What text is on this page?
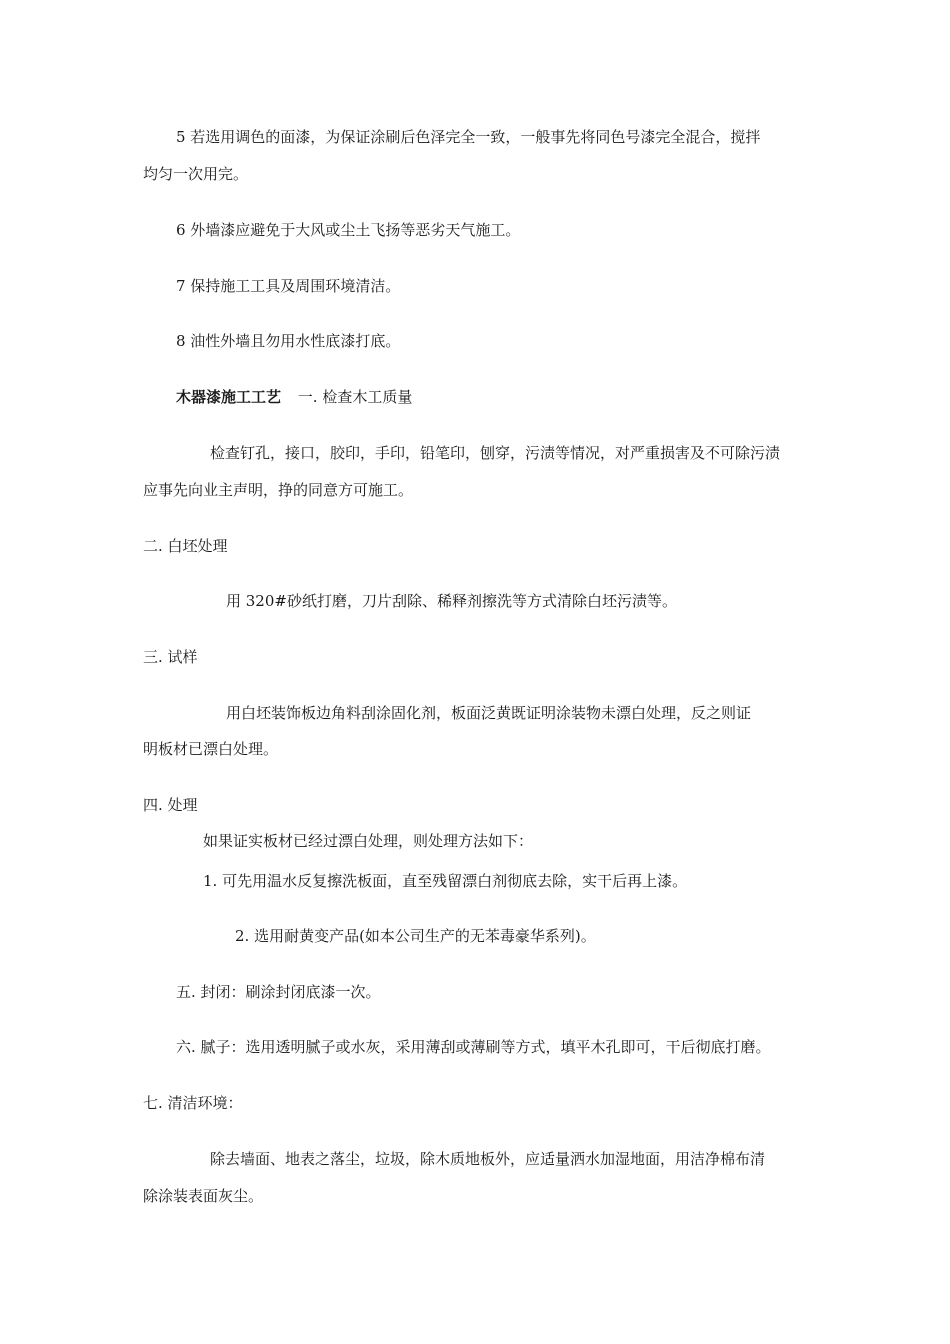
5 若选用调色的面漆，为保证涂刷后色泽完全一致，一般事先将同色号漆完全混合，搅拌
均匀一次用完。
6 外墙漆应避免于大风或尘土飞扬等恶劣天气施工。
7 保持施工工具及周围环境清洁。
8 油性外墙且勿用水性底漆打底。
木器漆施工工艺 一. 检查木工质量
检查钉孔，接口，胶印，手印，铅笔印，刨穿，污渍等情况，对严重损害及不可除污渍
应事先向业主声明，挣的同意方可施工。
二. 白坯处理
用 320#砂纸打磨，刀片刮除、稀释剂擦洗等方式清除白坯污渍等。
三. 试样
用白坯装饰板边角料刮涂固化剂，板面泛黄既证明涂装物未漂白处理，反之则证
明板材已漂白处理。
四. 处理
如果证实板材已经过漂白处理，则处理方法如下：
1. 可先用温水反复擦洗板面，直至残留漂白剂彻底去除，实干后再上漆。
2. 选用耐黄变产品(如本公司生产的无苯毒豪华系列)。
五. 封闭：刷涂封闭底漆一次。
六. 腻子：选用透明腻子或水灰，采用薄刮或薄刷等方式，填平木孔即可，干后彻底打磨。
七. 清洁环境：
除去墙面、地表之落尘，垃圾，除木质地板外，应适量洒水加湿地面，用洁净棉布清
除涂装表面灰尘。
